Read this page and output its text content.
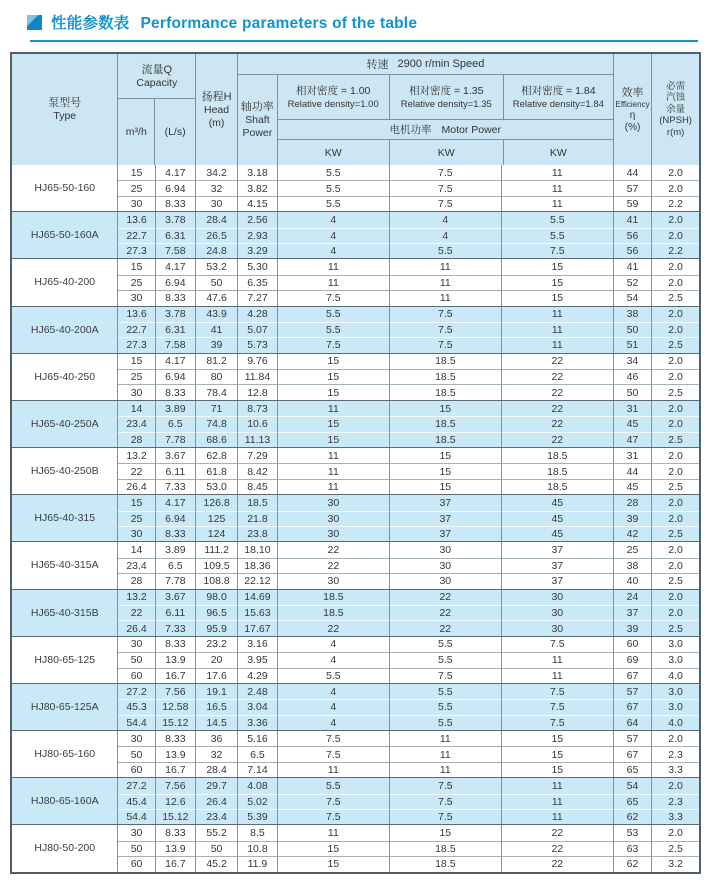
性能参数表 Performance parameters of the table
泵型号
Type
流量Q
Capacity
m³/h	(L/s)
扬程H
Head
(m)
转速 2900 r/min Speed
轴功率
Shaft
Power
相对密度 = 1.00
Relative density=1.00
相对密度 = 1.35
Relative density=1.35
相对密度 = 1.84
Relative density=1.84
电机功率 Motor Power
KW	KW	KW
效率
Efficiency
η
(%)
必需
汽蚀
余量
(NPSH)
r(m)
HJ65-50-160
15	4.17	34.2	3.18	5.5	7.5	11	44	2.0
25	6.94	32	3.82	5.5	7.5	11	57	2.0
30	8.33	30	4.15	5.5	7.5	11	59	2.2
HJ65-50-160A
13.6	3.78	28.4	2.56	4	4	5.5	41	2.0
22.7	6.31	26.5	2.93	4	4	5.5	56	2.0
27.3	7.58	24.8	3.29	4	5.5	7.5	56	2.2
HJ65-40-200
15	4.17	53.2	5.30	11	11	15	41	2.0
25	6.94	50	6.35	11	11	15	52	2.0
30	8.33	47.6	7.27	7.5	11	15	54	2.5
HJ65-40-200A
13.6	3.78	43.9	4.28	5.5	7.5	11	38	2.0
22.7	6.31	41	5.07	5.5	7.5	11	50	2.0
27.3	7.58	39	5.73	7.5	7.5	11	51	2.5
HJ65-40-250
15	4.17	81.2	9.76	15	18.5	22	34	2.0
25	6.94	80	11.84	15	18.5	22	46	2.0
30	8.33	78.4	12.8	15	18.5	22	50	2.5
HJ65-40-250A
14	3.89	71	8.73	11	15	22	31	2.0
23.4	6.5	74.8	10.6	15	18.5	22	45	2.0
28	7.78	68.6	11.13	15	18.5	22	47	2.5
HJ65-40-250B
13.2	3.67	62.8	7.29	11	15	18.5	31	2.0
22	6.11	61.8	8.42	11	15	18.5	44	2.0
26.4	7.33	53.0	8.45	11	15	18.5	45	2.5
HJ65-40-315
15	4.17	126.8	18.5	30	37	45	28	2.0
25	6.94	125	21.8	30	37	45	39	2.0
30	8.33	124	23.8	30	37	45	42	2.5
HJ65-40-315A
14	3.89	111.2	18.10	22	30	37	25	2.0
23.4	6.5	109.5	18.36	22	30	37	38	2.0
28	7.78	108.8	22.12	30	30	37	40	2.5
HJ65-40-315B
13.2	3.67	98.0	14.69	18.5	22	30	24	2.0
22	6.11	96.5	15.63	18.5	22	30	37	2.0
26.4	7.33	95.9	17.67	22	22	30	39	2.5
HJ80-65-125
30	8.33	23.2	3.16	4	5.5	7.5	60	3.0
50	13.9	20	3.95	4	5.5	11	69	3.0
60	16.7	17.6	4.29	5.5	7.5	11	67	4.0
HJ80-65-125A
27.2	7.56	19.1	2.48	4	5.5	7.5	57	3.0
45.3	12.58	16.5	3.04	4	5.5	7.5	67	3.0
54.4	15.12	14.5	3.36	4	5.5	7.5	64	4.0
HJ80-65-160
30	8.33	36	5.16	7.5	11	15	57	2.0
50	13.9	32	6.5	7.5	11	15	67	2.3
60	16.7	28.4	7.14	11	11	15	65	3.3
HJ80-65-160A
27.2	7.56	29.7	4.08	5.5	7.5	11	54	2.0
45.4	12.6	26.4	5.02	7.5	7.5	11	65	2.3
54.4	15.12	23.4	5.39	7.5	7.5	11	62	3.3
HJ80-50-200
30	8.33	55.2	8.5	11	15	22	53	2.0
50	13.9	50	10.8	15	18.5	22	63	2.5
60	16.7	45.2	11.9	15	18.5	22	62	3.2
